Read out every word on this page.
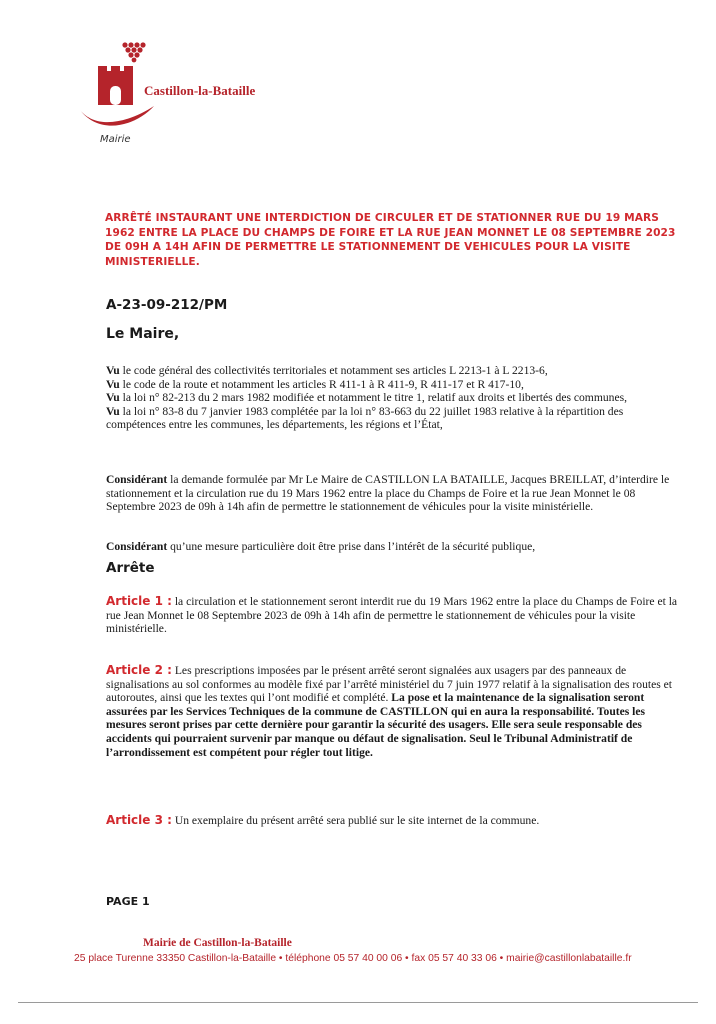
Castillon-la-Bataille
Mairie
ARRÊTÉ INSTAURANT UNE INTERDICTION DE CIRCULER ET DE STATIONNER RUE DU 19 MARS 1962 ENTRE LA PLACE DU CHAMPS DE FOIRE ET LA RUE JEAN MONNET LE 08 SEPTEMBRE 2023 DE 09H A 14H AFIN DE PERMETTRE LE STATIONNEMENT DE VEHICULES POUR LA VISITE MINISTERIELLE.
A-23-09-212/PM
Le Maire,

Vu le code général des collectivités territoriales et notamment ses articles L 2213-1 à L 2213-6,

Vu le code de la route et notamment les articles R 411-1 à R 411-9, R 411-17 et R 417-10,

Vu la loi n° 82-213 du 2 mars 1982 modifiée et notamment le titre 1, relatif aux droits et libertés des communes,

Vu la loi n° 83-8 du 7 janvier 1983 complétée par la loi n° 83-663 du 22 juillet 1983 relative à la répartition des compétences entre les communes, les départements, les régions et l’État,

Considérant la demande formulée par Mr Le Maire de CASTILLON LA BATAILLE, Jacques BREILLAT, d’interdire le stationnement et la circulation rue du 19 Mars 1962 entre la place du Champs de Foire et la rue Jean Monnet le 08 Septembre 2023 de 09h à 14h afin de permettre le stationnement de véhicules pour la visite ministérielle.
Considérant qu’une mesure particulière doit être prise dans l’intérêt de la sécurité publique,
Arrête
Article 1 : la circulation et le stationnement seront interdit rue du 19 Mars 1962 entre la place du Champs de Foire et la rue Jean Monnet le 08 Septembre 2023 de 09h à 14h afin de permettre le stationnement de véhicules pour la visite ministérielle.
Article 2 : Les prescriptions imposées par le présent arrêté seront signalées aux usagers par des panneaux de signalisations au sol conformes au modèle fixé par l’arrêté ministériel du 7 juin 1977 relatif à la signalisation des routes et autoroutes, ainsi que les textes qui l’ont modifié et complété. La pose et la maintenance de la signalisation seront assurées par les Services Techniques de la commune de CASTILLON qui en aura la responsabilité. Toutes les mesures seront prises par cette dernière pour garantir la sécurité des usagers. Elle sera seule responsable des accidents qui pourraient survenir par manque ou défaut de signalisation. Seul le Tribunal Administratif de l’arrondissement est compétent pour régler tout litige.
Article 3 : Un exemplaire du présent arrêté sera publié sur le site internet de la commune.
PAGE 1
Mairie de Castillon-la-Bataille
25 place Turenne 33350 Castillon-la-Bataille • téléphone 05 57 40 00 06 • fax 05 57 40 33 06 • mairie@castillonlabataille.fr
